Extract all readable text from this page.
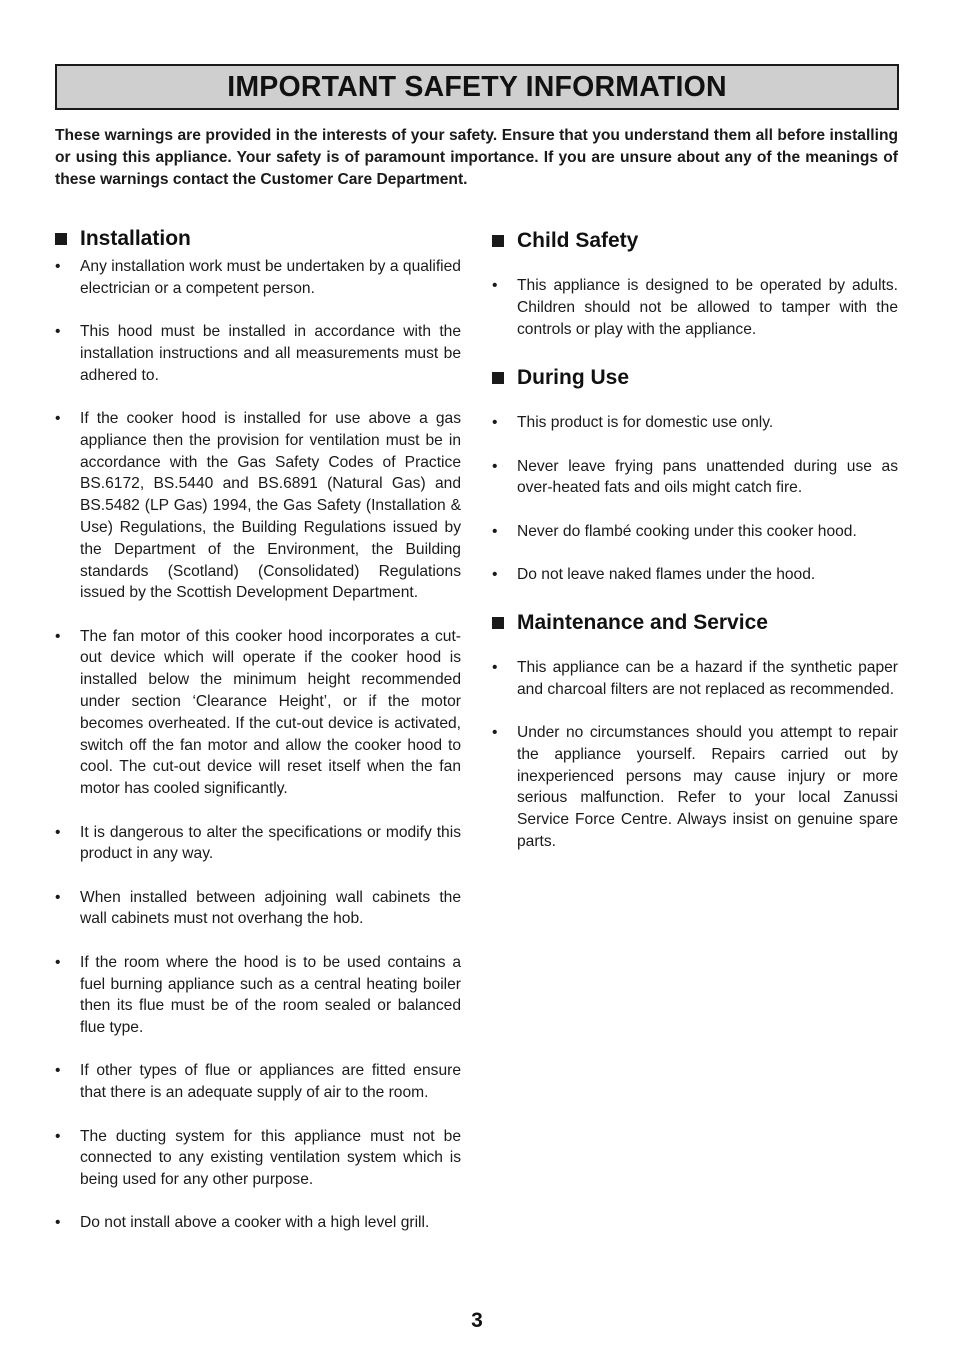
IMPORTANT SAFETY INFORMATION

These warnings are provided in the interests of your safety. Ensure that you understand them all before installing or using this appliance. Your safety is of paramount importance. If you are unsure about any of the meanings of these warnings contact the Customer Care Department.

Installation
•	Any installation work must be undertaken by a qualified electrician or a competent person.
•	This hood must be installed in accordance with the installation instructions and all measurements must be adhered to.
•	If the cooker hood is installed for use above a gas appliance then the provision for ventilation must be in accordance with the Gas Safety Codes of Practice BS.6172, BS.5440 and BS.6891 (Natural Gas) and BS.5482 (LP Gas) 1994, the Gas Safety (Installation & Use) Regulations, the Building Regulations issued by the Department of the Environment, the Building standards (Scotland) (Consolidated) Regulations issued by the Scottish Development Department.
•	The fan motor of this cooker hood incorporates a cut-out device which will operate if the cooker hood is installed below the minimum height recommended under section ‘Clearance Height’, or if the motor becomes overheated. If the cut-out device is activated, switch off the fan motor and allow the cooker hood to cool. The cut-out device will reset itself when the fan motor has cooled significantly.
•	It is dangerous to alter the specifications or modify this product in any way.
•	When installed between adjoining wall cabinets the wall cabinets must not overhang the hob.
•	If the room where the hood is to be used contains a fuel burning appliance such as a central heating boiler then its flue must be of the room sealed or balanced flue type.
•	If other types of flue or appliances are fitted ensure that there is an adequate supply of air to the room.
•	The ducting system for this appliance must not be connected to any existing ventilation system which is being used for any other purpose.
•	Do not install above a cooker with a high level grill.
Child Safety
•	This appliance is designed to be operated by adults. Children should not be allowed to tamper with the controls or play with the appliance.
During Use
•	This product is for domestic use only.
•	Never leave frying pans unattended during use as over-heated fats and oils might catch fire.
•	Never do flambé cooking under this cooker hood.
•	Do not leave naked flames under the hood.
Maintenance and Service
•	This appliance can be a hazard if the synthetic paper and charcoal filters are not replaced as recommended.
•	Under no circumstances should you attempt to repair the appliance yourself. Repairs carried out by inexperienced persons may cause injury or more serious malfunction. Refer to your local Zanussi Service Force Centre. Always insist on genuine spare parts.
3
